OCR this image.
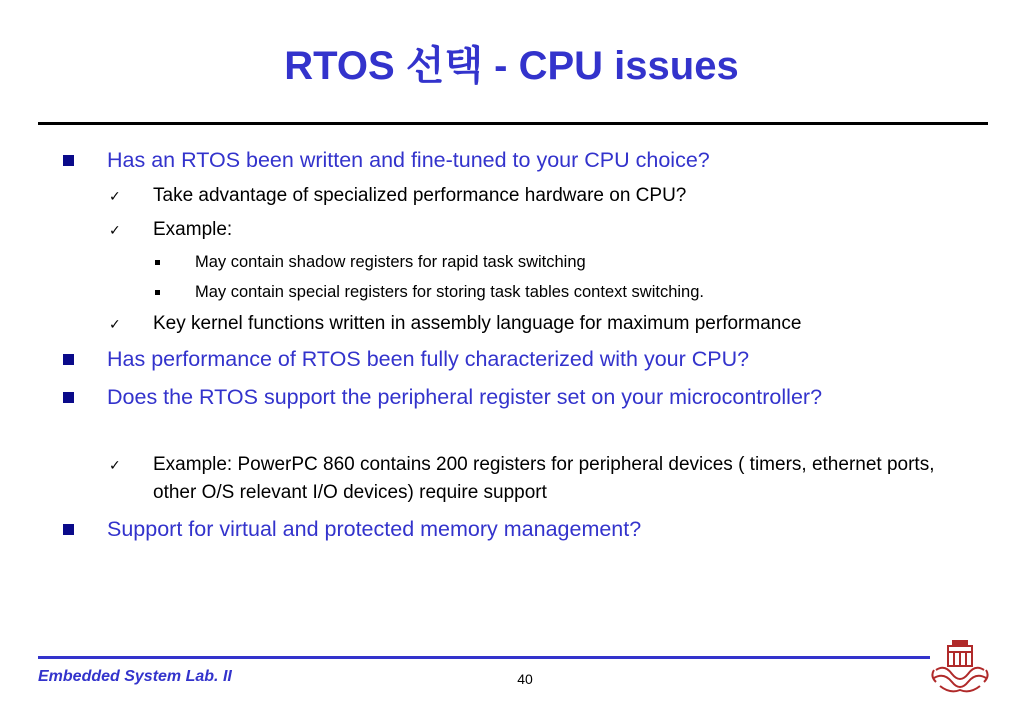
RTOS 선택 - CPU issues
Has an RTOS been written and fine-tuned to your CPU choice?
✓ Take advantage of specialized performance hardware on CPU?
✓ Example:
May contain shadow registers for rapid task switching
May contain special registers for storing task tables context switching.
✓ Key kernel functions written in assembly language for maximum performance
Has performance of RTOS been fully characterized with your CPU?
Does the RTOS support the peripheral register set on your microcontroller?
✓ Example: PowerPC 860 contains 200 registers for peripheral devices ( timers, ethernet ports, other O/S relevant I/O devices) require support
Support for virtual and protected memory management?
Embedded System Lab. II	40
